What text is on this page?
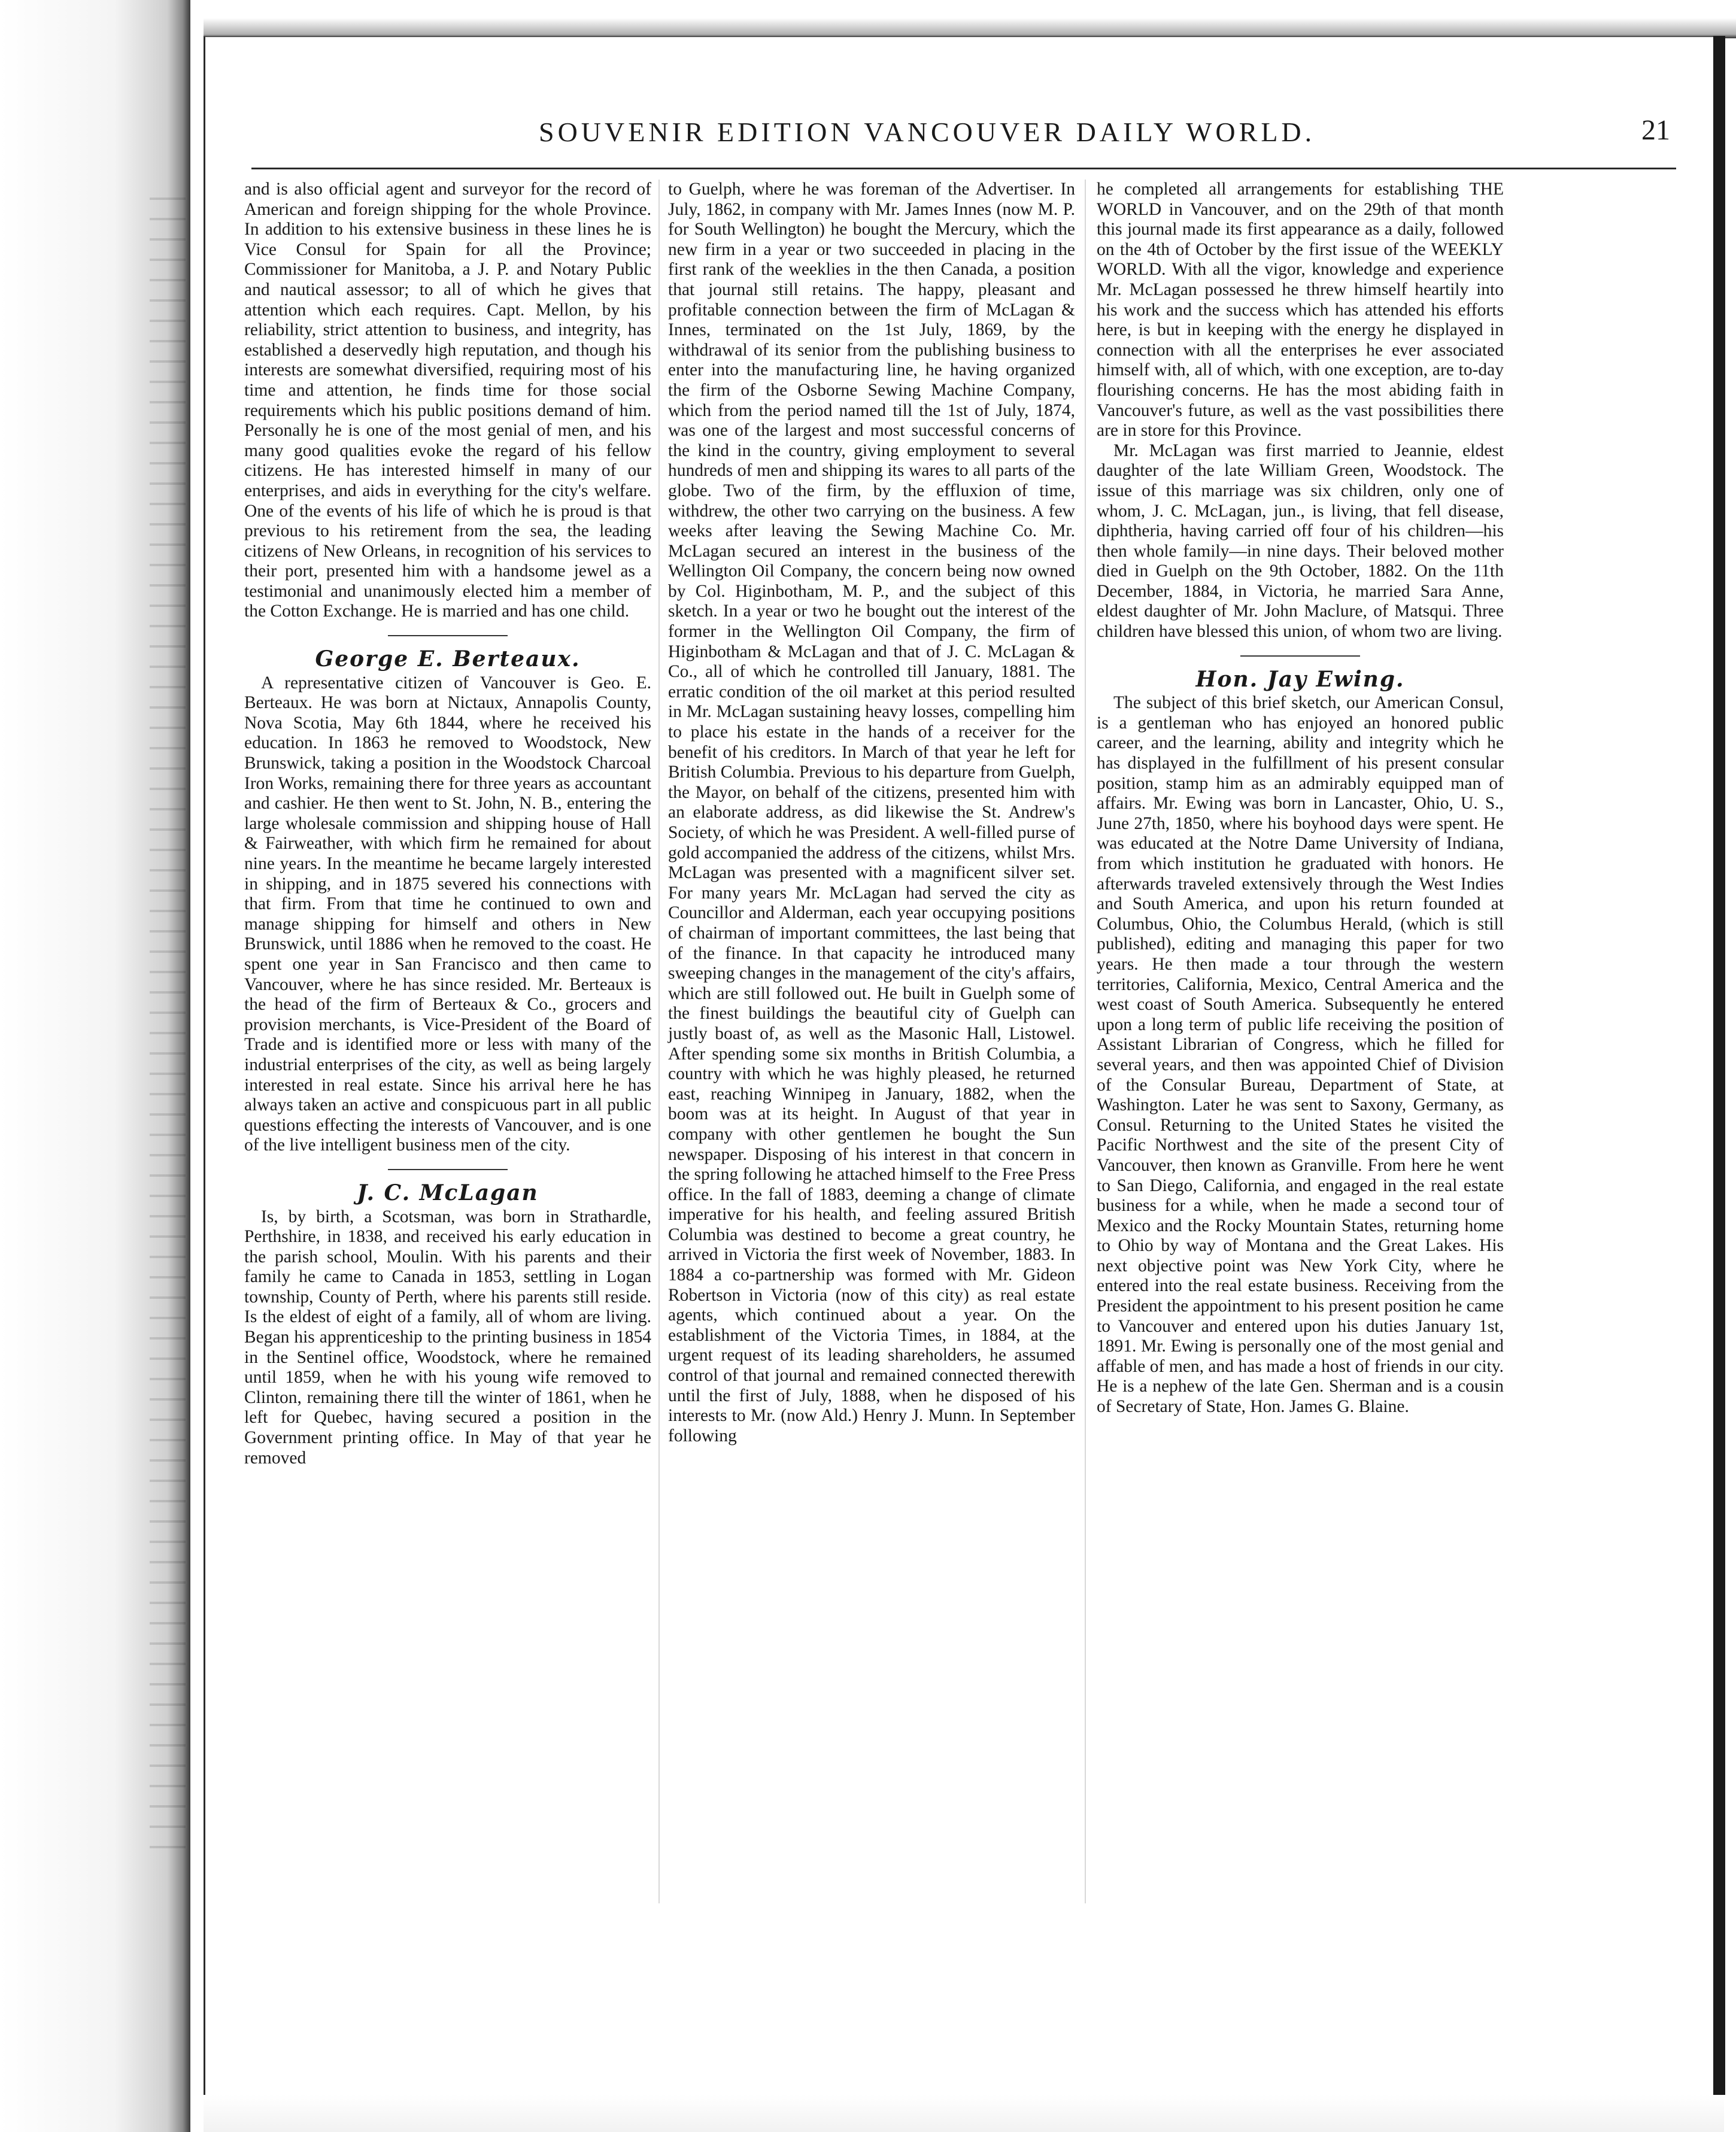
SOUVENIR EDITION VANCOUVER DAILY WORLD.	21

and is also official agent and surveyor for the record of American and foreign shipping for the whole Province. In addition to his extensive business in these lines he is Vice Consul for Spain for all the Province; Commissioner for Manitoba, a J. P. and Notary Public and nautical assessor; to all of which he gives that attention which each requires. Capt. Mellon, by his reliability, strict attention to business, and integrity, has established a deservedly high reputation, and though his interests are somewhat diversified, requiring most of his time and attention, he finds time for those social requirements which his public positions demand of him. Personally he is one of the most genial of men, and his many good qualities evoke the regard of his fellow citizens. He has interested himself in many of our enterprises, and aids in everything for the city's welfare. One of the events of his life of which he is proud is that previous to his retirement from the sea, the leading citizens of New Orleans, in recognition of his services to their port, presented him with a handsome jewel as a testimonial and unanimously elected him a member of the Cotton Exchange. He is married and has one child.

George E. Berteaux.

A representative citizen of Vancouver is Geo. E. Berteaux. He was born at Nictaux, Annapolis County, Nova Scotia, May 6th 1844, where he received his education. In 1863 he removed to Woodstock, New Brunswick, taking a position in the Woodstock Charcoal Iron Works, remaining there for three years as accountant and cashier. He then went to St. John, N. B., entering the large wholesale commission and shipping house of Hall & Fairweather, with which firm he remained for about nine years. In the meantime he became largely interested in shipping, and in 1875 severed his connections with that firm. From that time he continued to own and manage shipping for himself and others in New Brunswick, until 1886 when he removed to the coast. He spent one year in San Francisco and then came to Vancouver, where he has since resided. Mr. Berteaux is the head of the firm of Berteaux & Co., grocers and provision merchants, is Vice-President of the Board of Trade and is identified more or less with many of the industrial enterprises of the city, as well as being largely interested in real estate. Since his arrival here he has always taken an active and conspicuous part in all public questions effecting the interests of Vancouver, and is one of the live intelligent business men of the city.

J. C. McLagan

Is, by birth, a Scotsman, was born in Strathardle, Perthshire, in 1838, and received his early education in the parish school, Moulin. With his parents and their family he came to Canada in 1853, settling in Logan township, County of Perth, where his parents still reside. Is the eldest of eight of a family, all of whom are living. Began his apprenticeship to the printing business in 1854 in the Sentinel office, Woodstock, where he remained until 1859, when he with his young wife removed to Clinton, remaining there till the winter of 1861, when he left for Quebec, having secured a position in the Government printing office. In May of that year he removed

to Guelph, where he was foreman of the Advertiser. In July, 1862, in company with Mr. James Innes (now M. P. for South Wellington) he bought the Mercury, which the new firm in a year or two succeeded in placing in the first rank of the weeklies in the then Canada, a position that journal still retains. The happy, pleasant and profitable connection between the firm of McLagan & Innes, terminated on the 1st July, 1869, by the withdrawal of its senior from the publishing business to enter into the manufacturing line, he having organized the firm of the Osborne Sewing Machine Company, which from the period named till the 1st of July, 1874, was one of the largest and most successful concerns of the kind in the country, giving employment to several hundreds of men and shipping its wares to all parts of the globe. Two of the firm, by the effluxion of time, withdrew, the other two carrying on the business. A few weeks after leaving the Sewing Machine Co. Mr. McLagan secured an interest in the business of the Wellington Oil Company, the concern being now owned by Col. Higinbotham, M. P., and the subject of this sketch. In a year or two he bought out the interest of the former in the Wellington Oil Company, the firm of Higinbotham & McLagan and that of J. C. McLagan & Co., all of which he controlled till January, 1881. The erratic condition of the oil market at this period resulted in Mr. McLagan sustaining heavy losses, compelling him to place his estate in the hands of a receiver for the benefit of his creditors. In March of that year he left for British Columbia. Previous to his departure from Guelph, the Mayor, on behalf of the citizens, presented him with an elaborate address, as did likewise the St. Andrew's Society, of which he was President. A well-filled purse of gold accompanied the address of the citizens, whilst Mrs. McLagan was presented with a magnificent silver set. For many years Mr. McLagan had served the city as Councillor and Alderman, each year occupying positions of chairman of important committees, the last being that of the finance. In that capacity he introduced many sweeping changes in the management of the city's affairs, which are still followed out. He built in Guelph some of the finest buildings the beautiful city of Guelph can justly boast of, as well as the Masonic Hall, Listowel. After spending some six months in British Columbia, a country with which he was highly pleased, he returned east, reaching Winnipeg in January, 1882, when the boom was at its height. In August of that year in company with other gentlemen he bought the Sun newspaper. Disposing of his interest in that concern in the spring following he attached himself to the Free Press office. In the fall of 1883, deeming a change of climate imperative for his health, and feeling assured British Columbia was destined to become a great country, he arrived in Victoria the first week of November, 1883. In 1884 a co-partnership was formed with Mr. Gideon Robertson in Victoria (now of this city) as real estate agents, which continued about a year. On the establishment of the Victoria Times, in 1884, at the urgent request of its leading shareholders, he assumed control of that journal and remained connected therewith until the first of July, 1888, when he disposed of his interests to Mr. (now Ald.) Henry J. Munn. In September following

he completed all arrangements for establishing THE WORLD in Vancouver, and on the 29th of that month this journal made its first appearance as a daily, followed on the 4th of October by the first issue of the WEEKLY WORLD. With all the vigor, knowledge and experience Mr. McLagan possessed he threw himself heartily into his work and the success which has attended his efforts here, is but in keeping with the energy he displayed in connection with all the enterprises he ever associated himself with, all of which, with one exception, are to-day flourishing concerns. He has the most abiding faith in Vancouver's future, as well as the vast possibilities there are in store for this Province.

Mr. McLagan was first married to Jeannie, eldest daughter of the late William Green, Woodstock. The issue of this marriage was six children, only one of whom, J. C. McLagan, jun., is living, that fell disease, diphtheria, having carried off four of his children—his then whole family—in nine days. Their beloved mother died in Guelph on the 9th October, 1882. On the 11th December, 1884, in Victoria, he married Sara Anne, eldest daughter of Mr. John Maclure, of Matsqui. Three children have blessed this union, of whom two are living.

Hon. Jay Ewing.

The subject of this brief sketch, our American Consul, is a gentleman who has enjoyed an honored public career, and the learning, ability and integrity which he has displayed in the fulfillment of his present consular position, stamp him as an admirably equipped man of affairs. Mr. Ewing was born in Lancaster, Ohio, U. S., June 27th, 1850, where his boyhood days were spent. He was educated at the Notre Dame University of Indiana, from which institution he graduated with honors. He afterwards traveled extensively through the West Indies and South America, and upon his return founded at Columbus, Ohio, the Columbus Herald, (which is still published), editing and managing this paper for two years. He then made a tour through the western territories, California, Mexico, Central America and the west coast of South America. Subsequently he entered upon a long term of public life receiving the position of Assistant Librarian of Congress, which he filled for several years, and then was appointed Chief of Division of the Consular Bureau, Department of State, at Washington. Later he was sent to Saxony, Germany, as Consul. Returning to the United States he visited the Pacific Northwest and the site of the present City of Vancouver, then known as Granville. From here he went to San Diego, California, and engaged in the real estate business for a while, when he made a second tour of Mexico and the Rocky Mountain States, returning home to Ohio by way of Montana and the Great Lakes. His next objective point was New York City, where he entered into the real estate business. Receiving from the President the appointment to his present position he came to Vancouver and entered upon his duties January 1st, 1891. Mr. Ewing is personally one of the most genial and affable of men, and has made a host of friends in our city. He is a nephew of the late Gen. Sherman and is a cousin of Secretary of State, Hon. James G. Blaine.
